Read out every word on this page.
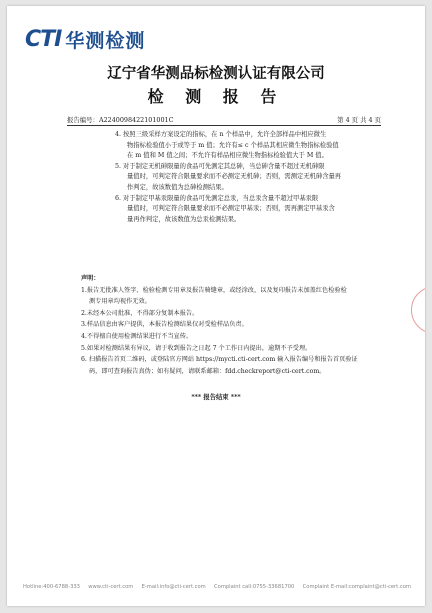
CTI 华测检测
辽宁省华测品标检测认证有限公司
检 测 报 告
报告编号：A2240098422101001C	第 4 页 共 4 页

4. 按照三级采样方案设定的指标，在 n 个样品中，允许全部样品中相应微生

物指标检验值小于或等于 m 值；允许有≤ c 个样品其相应微生物指标检验值

在 m 值和 M 值之间；不允许有样品相应微生物指标检验值大于 M 值。

5. 对于制定无机砷限量的食品可先测定其总砷，当总砷含量不超过无机砷限

量值时，可判定符合限量要求而不必测定无机砷；否则，需测定无机砷含量再

作判定，故该数值为总砷检测结果。

6. 对于制定甲基汞限量的食品可先测定总汞，当总汞含量不超过甲基汞限

量值时，可判定符合限量要求而不必测定甲基汞；否则，需再测定甲基汞含

量再作判定，故该数值为总汞检测结果。

声明：

1.报告无批准人签字、检验检测专用章及报告骑缝章，或经涂改，以及复印报告未加盖红色检验检

测专用章均视作无效。

2.未经本公司批准，不得部分复制本报告。

3.样品信息由客户提供，本报告检测结果仅对受检样品负责。

4.不得擅自使用检测结果进行不当宣传。

5.如果对检测结果有异议，请于收到报告之日起 7 个工作日内提出，逾期不予受理。

6. 扫描报告首页二维码，或登陆官方网站 https://mycti.cti-cert.com 输入报告编号和报告首页验证

码，即可查询报告真伪；如有疑问，请联系邮箱：fdd.checkreport@cti-cert.com。

*** 报告结束 ***
Hotline:400-6788-333 www.cti-cert.com E-mail:info@cti-cert.com Complaint call:0755-33681700 Complaint E-mail:complaint@cti-cert.com
